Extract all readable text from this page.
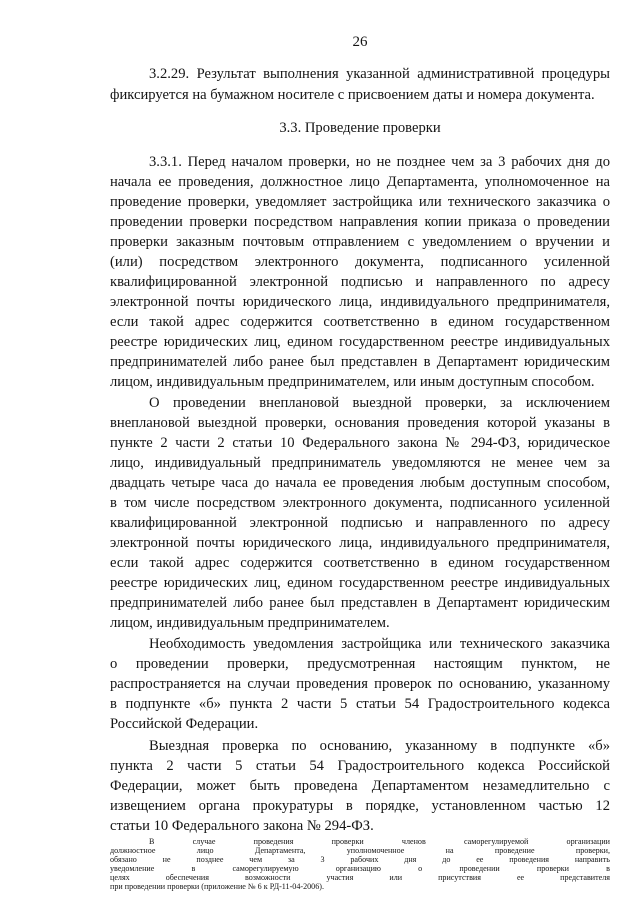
26
3.2.29. Результат выполнения указанной административной процедуры
фиксируется на бумажном носителе с присвоением даты и номера документа.
3.3. Проведение проверки
3.3.1. Перед началом проверки, но не позднее чем за 3 рабочих дня до
начала ее проведения, должностное лицо Департамента, уполномоченное на
проведение проверки, уведомляет застройщика или технического заказчика о
проведении проверки посредством направления копии приказа о проведении
проверки заказным почтовым отправлением с уведомлением о вручении и
(или) посредством электронного документа, подписанного усиленной
квалифицированной электронной подписью и направленного по адресу
электронной почты юридического лица, индивидуального предпринимателя,
если такой адрес содержится соответственно в едином государственном
реестре юридических лиц, едином государственном реестре индивидуальных
предпринимателей либо ранее был представлен в Департамент юридическим
лицом, индивидуальным предпринимателем, или иным доступным способом.
О проведении внеплановой выездной проверки, за исключением
внеплановой выездной проверки, основания проведения которой указаны в
пункте 2 части 2 статьи 10 Федерального закона № 294-ФЗ, юридическое
лицо, индивидуальный предприниматель уведомляются не менее чем за
двадцать четыре часа до начала ее проведения любым доступным способом,
в том числе посредством электронного документа, подписанного усиленной
квалифицированной электронной подписью и направленного по адресу
электронной почты юридического лица, индивидуального предпринимателя,
если такой адрес содержится соответственно в едином государственном
реестре юридических лиц, едином государственном реестре индивидуальных
предпринимателей либо ранее был представлен в Департамент юридическим
лицом, индивидуальным предпринимателем.
Необходимость уведомления застройщика или технического заказчика
о проведении проверки, предусмотренная настоящим пунктом, не
распространяется на случаи проведения проверок по основанию, указанному
в подпункте «б» пункта 2 части 5 статьи 54 Градостроительного кодекса
Российской Федерации.
Выездная проверка по основанию, указанному в подпункте «б»
пункта 2 части 5 статьи 54 Градостроительного кодекса Российской
Федерации, может быть проведена Департаментом незамедлительно с
извещением органа прокуратуры в порядке, установленном частью 12
статьи 10 Федерального закона № 294-ФЗ.
В случае проведения проверки членов саморегулируемой организации
должностное лицо Департамента, уполномоченное на проведение проверки,
обязано не позднее чем за 3 рабочих дня до ее проведения направить
уведомление в саморегулируемую организацию о проведении проверки в
целях обеспечения возможности участия или присутствия ее представителя
при проведении проверки (приложение № 6 к РД-11-04-2006).
